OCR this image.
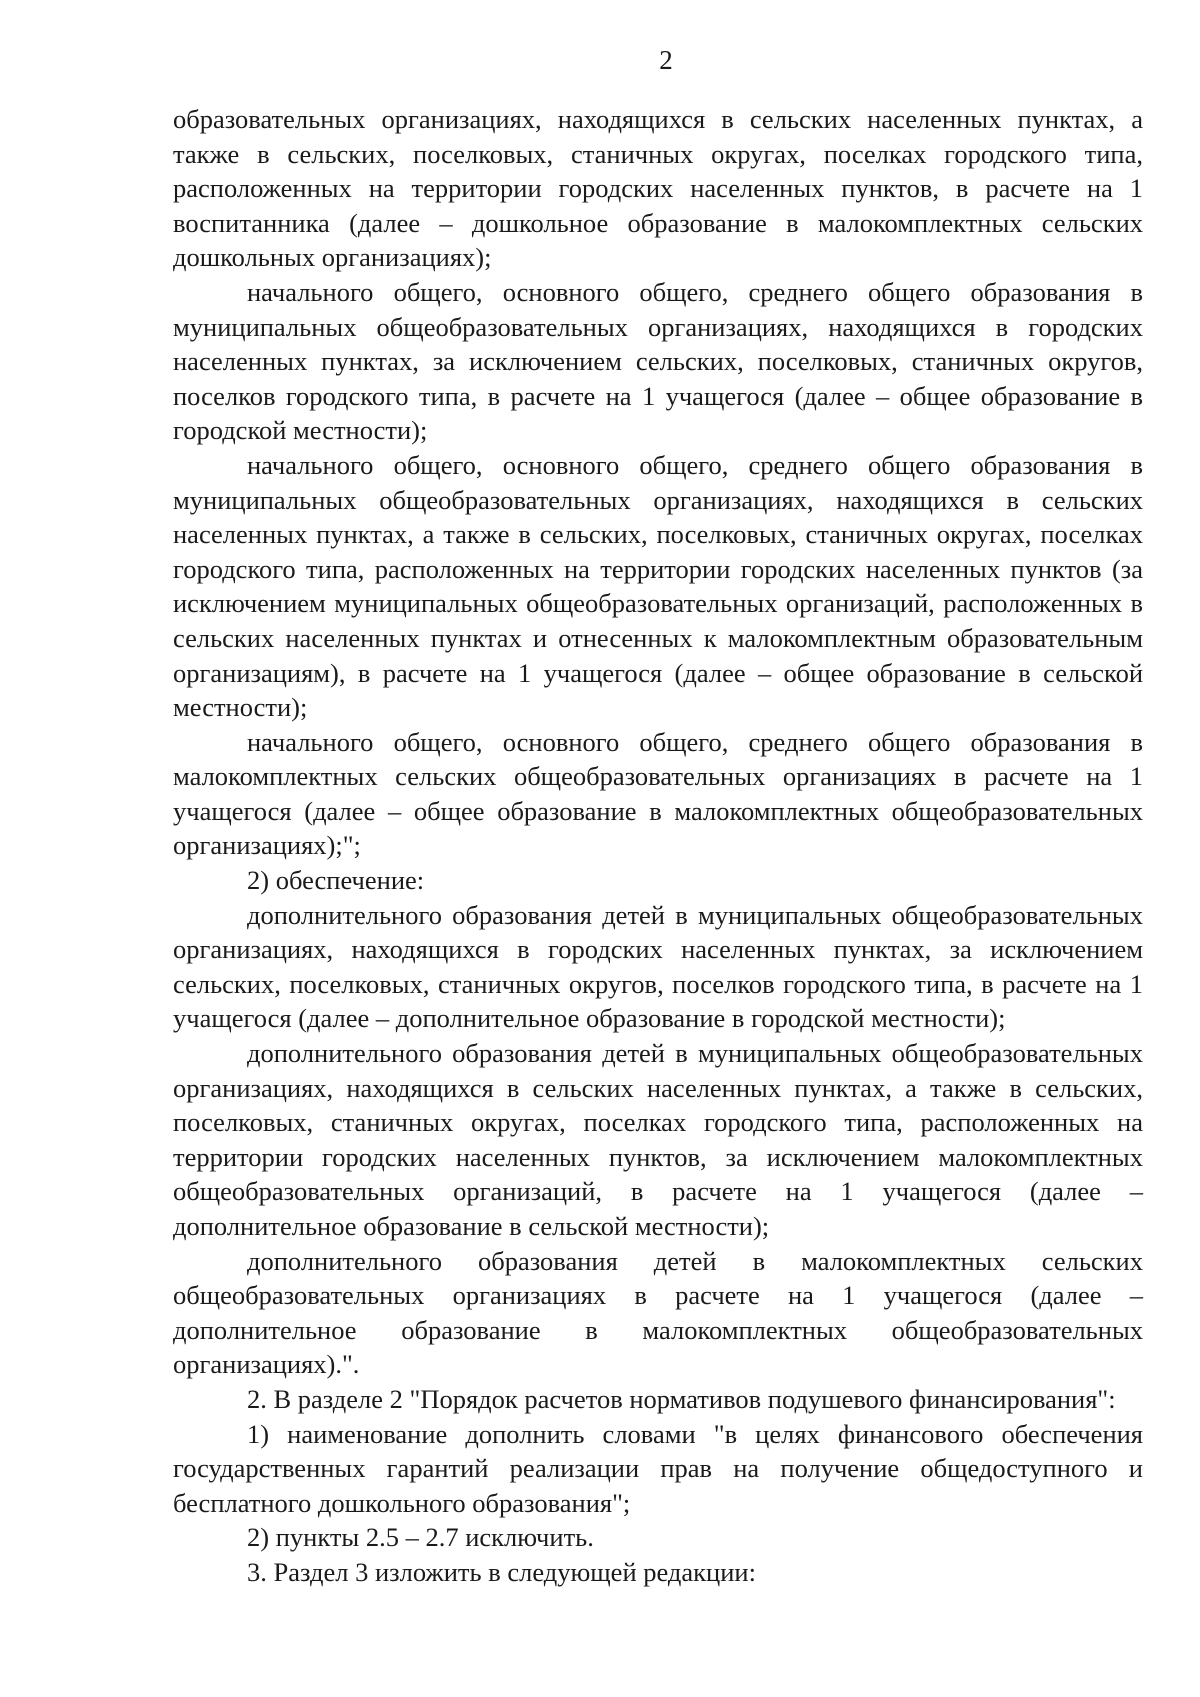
2

образовательных организациях, находящихся в сельских населенных пунктах, а также в сельских, поселковых, станичных округах, поселках городского типа, расположенных на территории городских населенных пунктов, в расчете на 1 воспитанника (далее – дошкольное образование в малокомплектных сельских дошкольных организациях);

начального общего, основного общего, среднего общего образования в муниципальных общеобразовательных организациях, находящихся в городских населенных пунктах, за исключением сельских, поселковых, станичных округов, поселков городского типа, в расчете на 1 учащегося (далее – общее образование в городской местности);

начального общего, основного общего, среднего общего образования в муниципальных общеобразовательных организациях, находящихся в сельских населенных пунктах, а также в сельских, поселковых, станичных округах, поселках городского типа, расположенных на территории городских населенных пунктов (за исключением муниципальных общеобразовательных организаций, расположенных в сельских населенных пунктах и отнесенных к малокомплектным образовательным организациям), в расчете на 1 учащегося (далее – общее образование в сельской местности);

начального общего, основного общего, среднего общего образования в малокомплектных сельских общеобразовательных организациях в расчете на 1 учащегося (далее – общее образование в малокомплектных общеобразовательных организациях);";

2) обеспечение:

дополнительного образования детей в муниципальных общеобразовательных организациях, находящихся в городских населенных пунктах, за исключением сельских, поселковых, станичных округов, поселков городского типа, в расчете на 1 учащегося (далее – дополнительное образование в городской местности);

дополнительного образования детей в муниципальных общеобразовательных организациях, находящихся в сельских населенных пунктах, а также в сельских, поселковых, станичных округах, поселках городского типа, расположенных на территории городских населенных пунктов, за исключением малокомплектных общеобразовательных организаций, в расчете на 1 учащегося (далее – дополнительное образование в сельской местности);

дополнительного образования детей в малокомплектных сельских общеобразовательных организациях в расчете на 1 учащегося (далее – дополнительное образование в малокомплектных общеобразовательных организациях).".

2. В разделе 2 "Порядок расчетов нормативов подушевого финансирования":

1) наименование дополнить словами "в целях финансового обеспечения государственных гарантий реализации прав на получение общедоступного и бесплатного дошкольного образования";

2) пункты 2.5 – 2.7 исключить.

3. Раздел 3 изложить в следующей редакции:
